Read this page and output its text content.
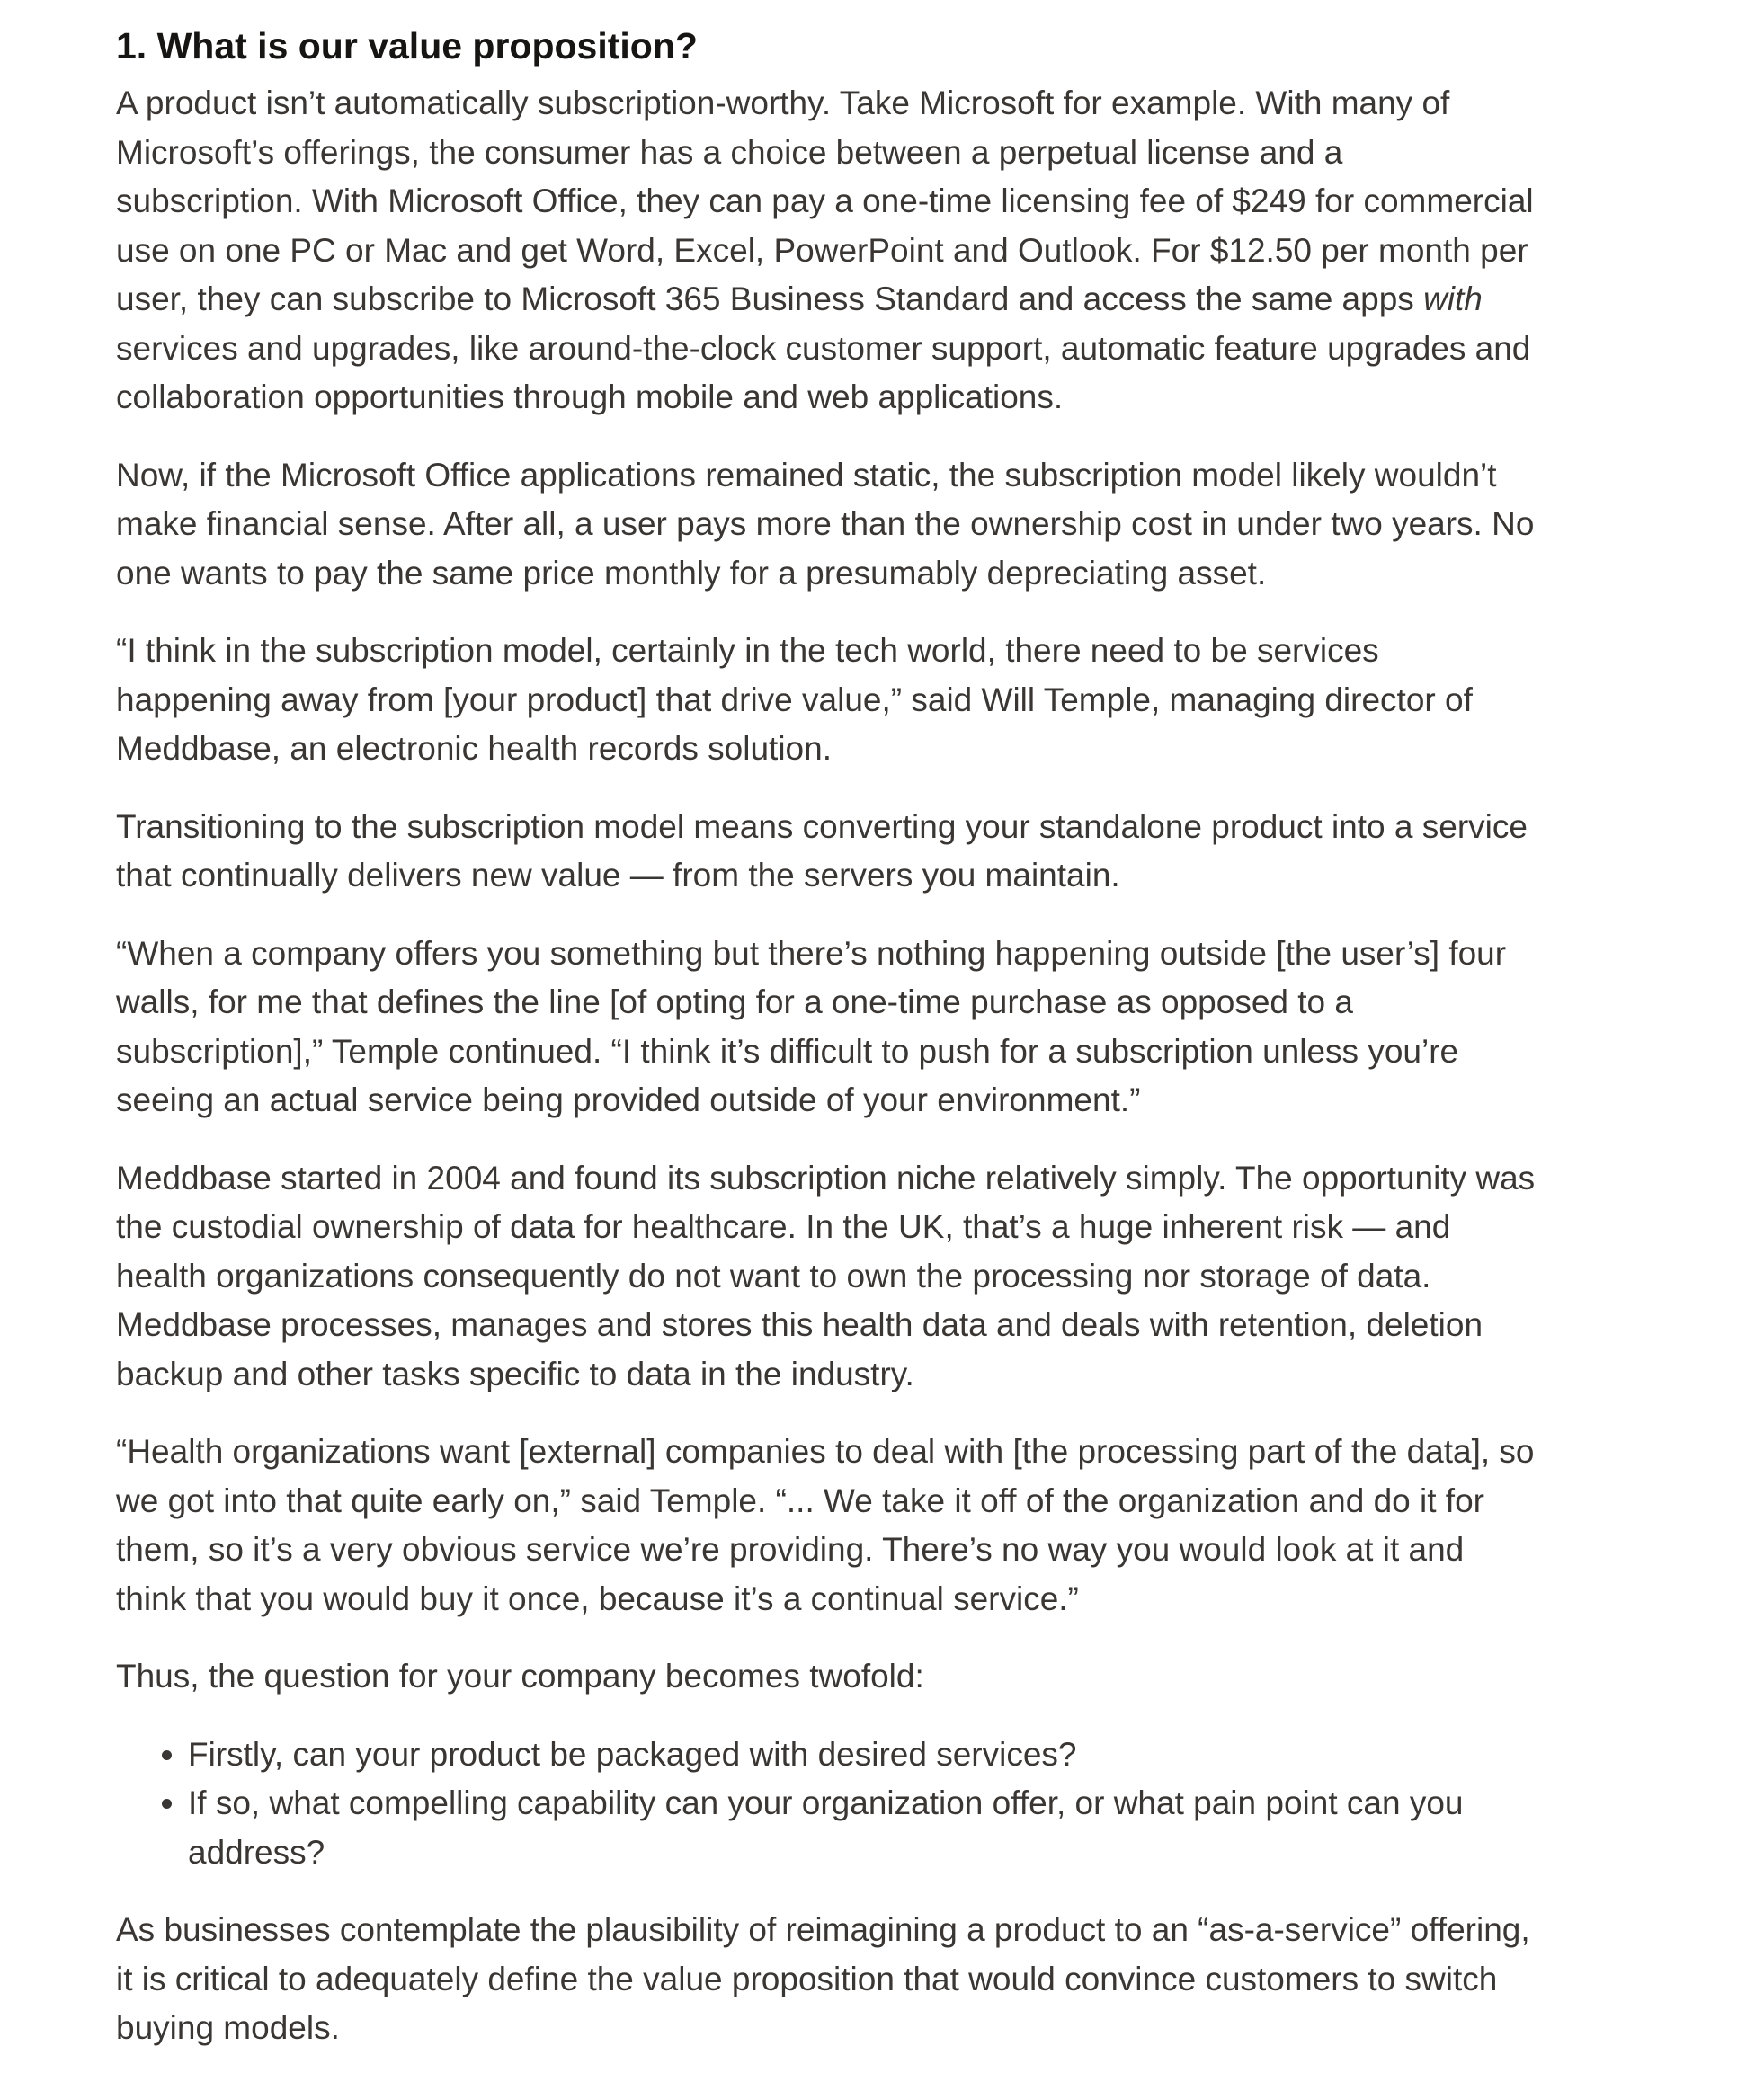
1. What is our value proposition?

A product isn’t automatically subscription-worthy. Take Microsoft for example. With many of Microsoft’s offerings, the consumer has a choice between a perpetual license and a subscription. With Microsoft Office, they can pay a one-time licensing fee of $249 for commercial use on one PC or Mac and get Word, Excel, PowerPoint and Outlook. For $12.50 per month per user, they can subscribe to Microsoft 365 Business Standard and access the same apps with services and upgrades, like around-the-clock customer support, automatic feature upgrades and collaboration opportunities through mobile and web applications.

Now, if the Microsoft Office applications remained static, the subscription model likely wouldn’t make financial sense. After all, a user pays more than the ownership cost in under two years. No one wants to pay the same price monthly for a presumably depreciating asset.

“I think in the subscription model, certainly in the tech world, there need to be services happening away from [your product] that drive value,” said Will Temple, managing director of Meddbase, an electronic health records solution.

Transitioning to the subscription model means converting your standalone product into a service that continually delivers new value — from the servers you maintain.

“When a company offers you something but there’s nothing happening outside [the user’s] four walls, for me that defines the line [of opting for a one-time purchase as opposed to a subscription],” Temple continued. “I think it’s difficult to push for a subscription unless you’re seeing an actual service being provided outside of your environment.”

Meddbase started in 2004 and found its subscription niche relatively simply. The opportunity was the custodial ownership of data for healthcare. In the UK, that’s a huge inherent risk — and health organizations consequently do not want to own the processing nor storage of data. Meddbase processes, manages and stores this health data and deals with retention, deletion backup and other tasks specific to data in the industry.

“Health organizations want [external] companies to deal with [the processing part of the data], so we got into that quite early on,” said Temple. “... We take it off of the organization and do it for them, so it’s a very obvious service we’re providing. There’s no way you would look at it and think that you would buy it once, because it’s a continual service.”

Thus, the question for your company becomes twofold:

• Firstly, can your product be packaged with desired services?
• If so, what compelling capability can your organization offer, or what pain point can you address?

As businesses contemplate the plausibility of reimagining a product to an “as-a-service” offering, it is critical to adequately define the value proposition that would convince customers to switch buying models.
